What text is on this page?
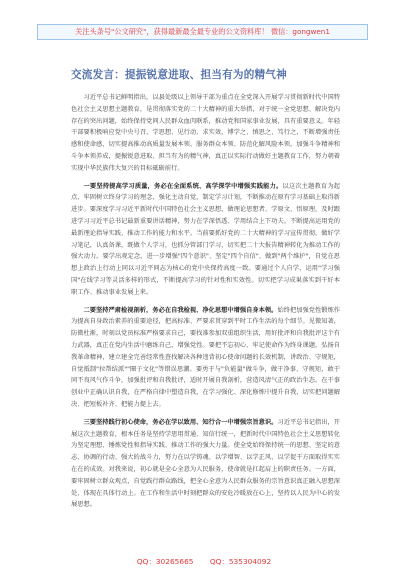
关注头条号"公文研究"，获得最新最全最专业的公文资料库！ 微信：gongwen1
交流发言：提振锐意进取、担当有为的精气神

习近平总书记鲜明指出，以县处级以上领导干部为重点在全党深入开展学习贯彻新时代中国特色社会主义思想主题教育，是贯彻落实党的二十大精神的重大举措，对于统一全党思想、解决党内存在的突出问题，始终保持党同人民群众血肉联系，推动党和国家事业发展，具有重要意义。年轻干部要积极响应党中央号召，学思想、见行动、求实效，博学之、慎思之、笃行之，不断增强责任感和使命感，切实提高推动高质量发展本领、服务群众本领、防范化解风险本领，加强斗争精神和斗争本领养成，提振锐意进取、担当有为的精气神，真正以实际行动做好主题教育工作，努力朝着实现中华民族伟大复兴的目标砥砺前行。

一要坚持提高学习质量，务必在全面系统、高学深学中增强实践能力。以这次主题教育为起点，牢固树立终身学习的理念，强化主动自觉，制定学习计划，不断推动在原有学习基础上取得新进步。要深度学习习近平新时代中国特色社会主义思想，做理论思想者、学原文、悟原理，及时跟进学习习近平总书记最新重要讲话精神，努力在学深悟透、学用结合上下功夫。不断提高运用党的最新理论指导实践、推动工作的能力和水平。当前要抓好党的二十大精神的学习宣传贯彻，做好学习笔记，认真备课，既做个人学习，也抓分管部门学习，切实把二十大报告精神转化为推动工作的强大动力。要学出观定念，进一步增强"四个意识"、坚定"四个自信"、做到"两个维护"，自觉在思想上政治上行动上同以习近平同志为核心的党中央保持高度一致。要通过个人自学，运用"学习强国"在线学习等灵活多样的形式，不断提高学习的针对性和实效性。切实把学习成果落实到干好本职工作、推动事业发展上来。

二要坚持严肃检视剖析，务必在自我检视、净化思想中增强自身本领。始终把加强党性锻炼作为提高自身政治素养的重要途径，把高标准、严要求贯穿到平时工作生活的每个细节。见微知著，防微杜渐，时刻以党员标准严格要求自己，要找准参加双重组织生活，用好批评和自我批评这个有力武器，真正在党内生活中磨练自己，增强党性。要把不忘初心、牢记使命作为终身课题，弘扬自我革命精神，建立建全完善经常性查找解决各种违背初心使命问题的长效机制，讲政治、守规矩，自觉抵制"拉帮结派""圈子文化"等错误思潮。要勇于与"负能量"做斗争，做干净事、守规矩，敢于同不良风气作斗争，加强批评和自我批评，适时开展自我剖析，营造风清气正的政治生态。在干事创业中正确认识自我，在严格自律中塑造自我，在学习强化、深化修炼中提升自我，切实把问题解决、把短板补齐、把能力提上去。

三要坚持践行初心使命，务必在学以致用、知行合一中增强宗旨意识。习近平总书记指出，开展这次主题教育，根本任务是坚持学思用贯通、知信行统一，把新时代中国特色社会主义思想转化为坚定理想、锤炼党性和指导实践、推动工作的强大力量。使全党始终保持统一的思想、坚定的意志、协调的行动、强大的战斗力，努力在以学铸魂、以学增智、以学正风、以学促干方面取得实实在在的成效。对我来说，初心就是全心全意为人民服务，使命就是扛起肩上的职责任务。一方面，要牢固树立群众观点，自觉践行群众路线，把全心全意为人民群众服务的宗旨意识真正融入思想深处，体现在具体行动上。在工作和生活中时刻把群众的安危冷暖放在心上，坚持以人民为中心的发展思想。

QQ：30265665 QQ：535304092
